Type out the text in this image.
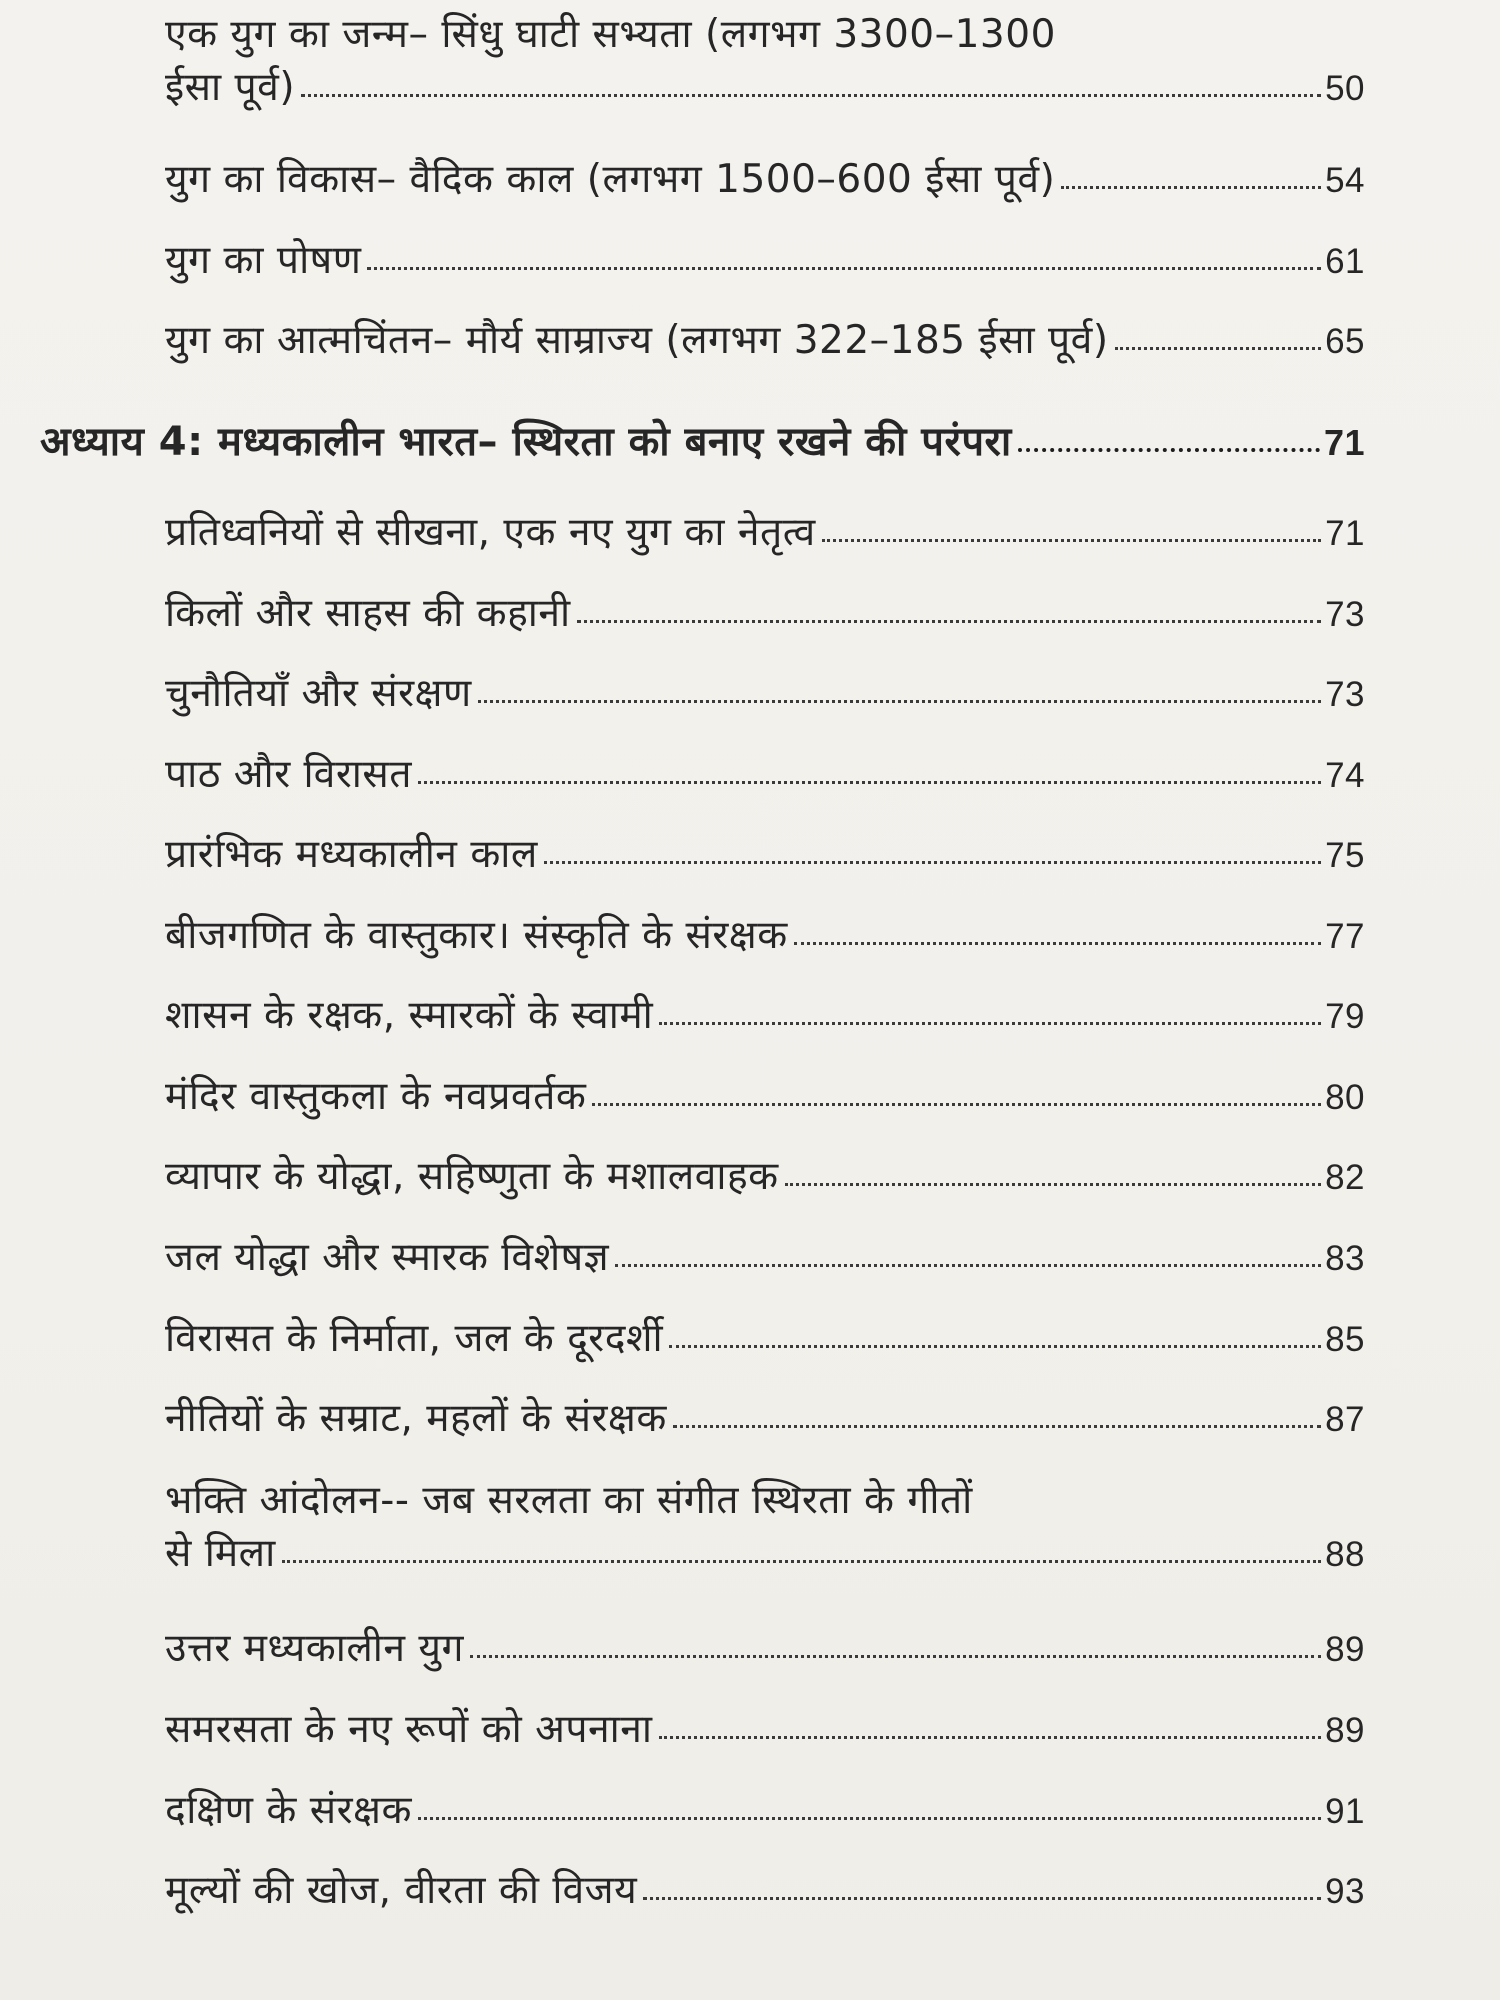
एक युग का जन्म– सिंधु घाटी सभ्यता (लगभग 3300–1300
ईसा पूर्व)	50
युग का विकास– वैदिक काल (लगभग 1500–600 ईसा पूर्व)	54
युग का पोषण	61
युग का आत्मचिंतन– मौर्य साम्राज्य (लगभग 322–185 ईसा पूर्व)	65
अध्याय 4: मध्यकालीन भारत– स्थिरता को बनाए रखने की परंपरा	71
प्रतिध्वनियों से सीखना, एक नए युग का नेतृत्व	71
किलों और साहस की कहानी	73
चुनौतियाँ और संरक्षण	73
पाठ और विरासत	74
प्रारंभिक मध्यकालीन काल	75
बीजगणित के वास्तुकार। संस्कृति के संरक्षक	77
शासन के रक्षक, स्मारकों के स्वामी	79
मंदिर वास्तुकला के नवप्रवर्तक	80
व्यापार के योद्धा, सहिष्णुता के मशालवाहक	82
जल योद्धा और स्मारक विशेषज्ञ	83
विरासत के निर्माता, जल के दूरदर्शी	85
नीतियों के सम्राट, महलों के संरक्षक	87
भक्ति आंदोलन-- जब सरलता का संगीत स्थिरता के गीतों
से मिला	88
उत्तर मध्यकालीन युग	89
समरसता के नए रूपों को अपनाना	89
दक्षिण के संरक्षक	91
मूल्यों की खोज, वीरता की विजय	93
